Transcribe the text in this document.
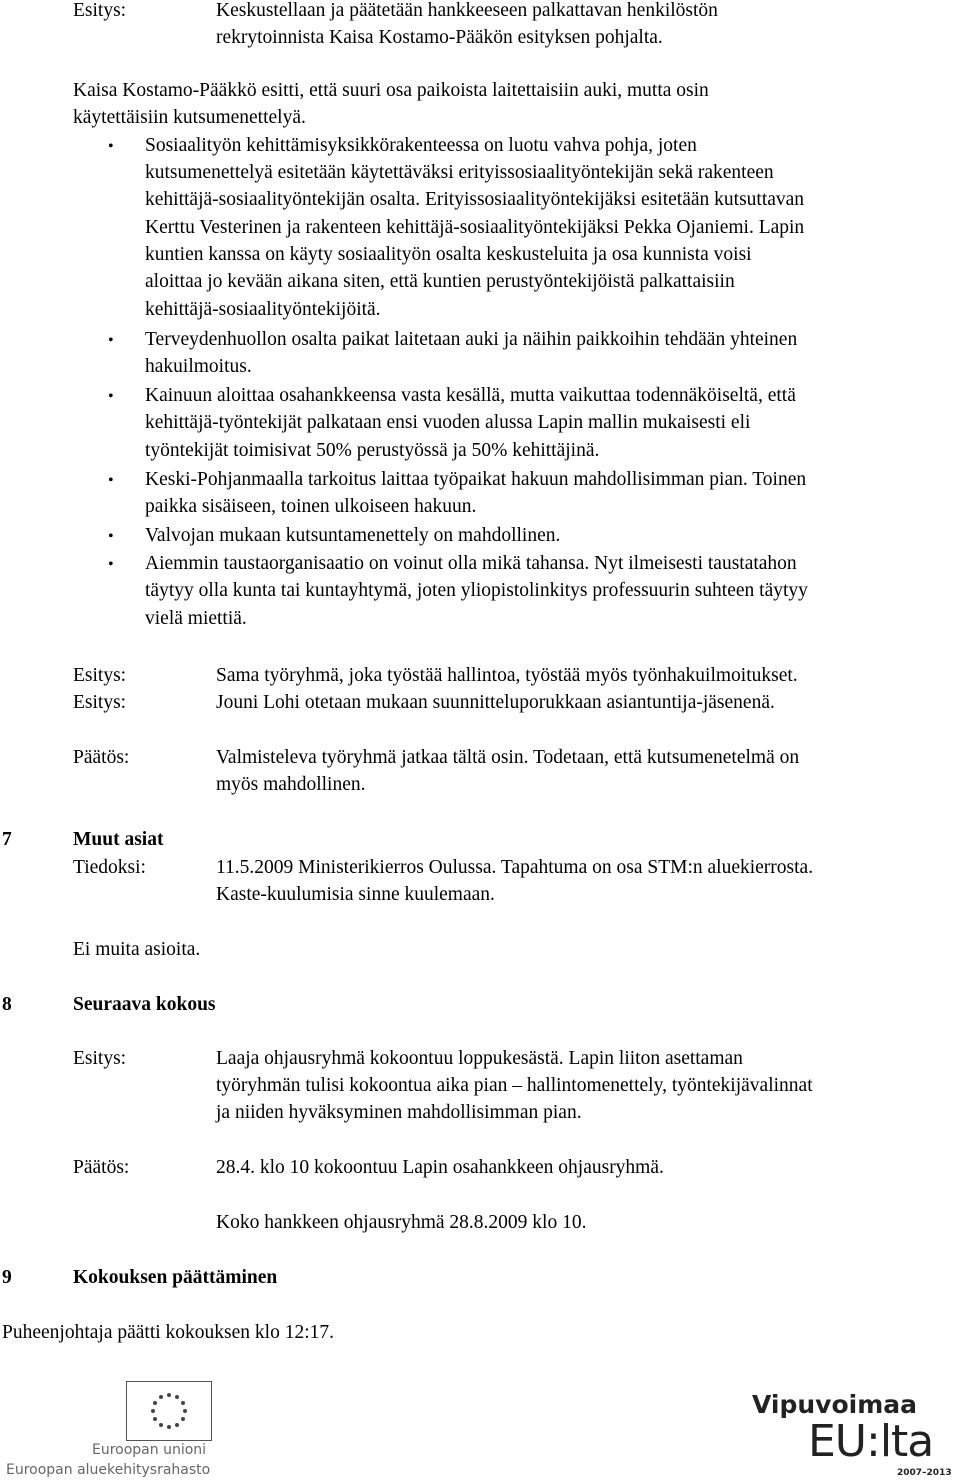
Esitys:	Keskustellaan ja päätetään hankkeeseen palkattavan henkilöstön
rekrytoinnista Kaisa Kostamo-Pääkön esityksen pohjalta.
Kaisa Kostamo-Pääkkö esitti, että suuri osa paikoista laitettaisiin auki, mutta osin
käytettäisiin kutsumenettelyä.
• Sosiaalityön kehittämisyksikkörakenteessa on luotu vahva pohja, joten
kutsumenettelyä esitetään käytettäväksi erityissosiaalityöntekijän sekä rakenteen
kehittäjä-sosiaalityöntekijän osalta. Erityissosiaalityöntekijäksi esitetään kutsuttavan
Kerttu Vesterinen ja rakenteen kehittäjä-sosiaalityöntekijäksi Pekka Ojaniemi. Lapin
kuntien kanssa on käyty sosiaalityön osalta keskusteluita ja osa kunnista voisi
aloittaa jo kevään aikana siten, että kuntien perustyöntekijöistä palkattaisiin
kehittäjä-sosiaalityöntekijöitä.
• Terveydenhuollon osalta paikat laitetaan auki ja näihin paikkoihin tehdään yhteinen
hakuilmoitus.
• Kainuun aloittaa osahankkeensa vasta kesällä, mutta vaikuttaa todennäköiseltä, että
kehittäjä-työntekijät palkataan ensi vuoden alussa Lapin mallin mukaisesti eli
työntekijät toimisivat 50% perustyössä ja 50% kehittäjinä.
• Keski-Pohjanmaalla tarkoitus laittaa työpaikat hakuun mahdollisimman pian. Toinen
paikka sisäiseen, toinen ulkoiseen hakuun.
• Valvojan mukaan kutsuntamenettely on mahdollinen.
• Aiemmin taustaorganisaatio on voinut olla mikä tahansa. Nyt ilmeisesti taustatahon
täytyy olla kunta tai kuntayhtymä, joten yliopistolinkitys professuurin suhteen täytyy
vielä miettiä.
Esitys:	Sama työryhmä, joka työstää hallintoa, työstää myös työnhakuilmoitukset.
Esitys:	Jouni Lohi otetaan mukaan suunnitteluporukkaan asiantuntija-jäsenenä.
Päätös:	Valmisteleva työryhmä jatkaa tältä osin. Todetaan, että kutsumenetelmä on
myös mahdollinen.
7	Muut asiat
Tiedoksi:	11.5.2009 Ministerikierros Oulussa. Tapahtuma on osa STM:n aluekierrosta.
Kaste-kuulumisia sinne kuulemaan.
Ei muita asioita.
8	Seuraava kokous
Esitys:	Laaja ohjausryhmä kokoontuu loppukesästä. Lapin liiton asettaman
työryhmän tulisi kokoontua aika pian – hallintomenettely, työntekijävalinnat
ja niiden hyväksyminen mahdollisimman pian.
Päätös:	28.4. klo 10 kokoontuu Lapin osahankkeen ohjausryhmä.
Koko hankkeen ohjausryhmä 28.8.2009 klo 10.
9	Kokouksen päättäminen
Puheenjohtaja päätti kokouksen klo 12:17.
Euroopan unioni
Euroopan aluekehitysrahasto
Vipuvoimaa
EU:lta
2007–2013
